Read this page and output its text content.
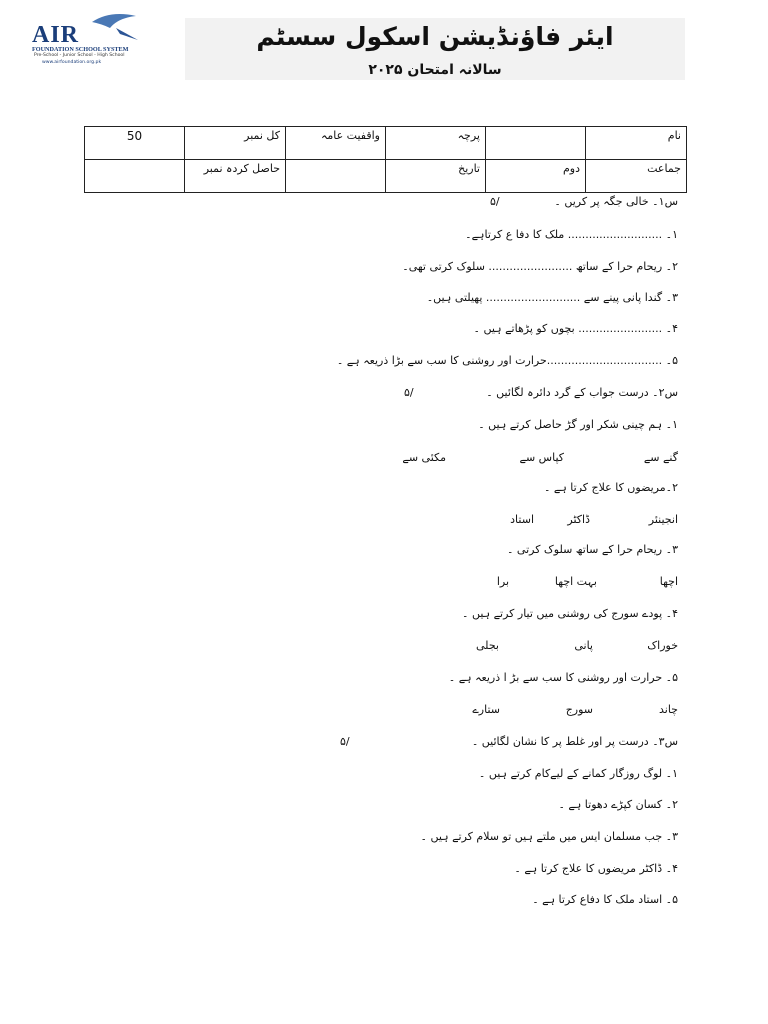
AIR
FOUNDATION SCHOOL SYSTEM
Pre-School - Junior School - High School
www.airfoundation.org.pk
ایئر فاؤنڈیشن اسکول سسٹم
سالانہ امتحان ۲۰۲۵
50	کل نمبر	واقفیت عامہ	پرچہ		نام
	حاصل کردہ نمبر		تاریخ	دوم	جماعت
س۱۔ خالی جگہ پر کریں ۔
/۵
۱۔ ........................... ملک کا دفا ع کرتاہے۔
۲۔ ریحام حرا کے ساتھ ........................ سلوک کرتی تھی۔
۳۔ گندا پانی پینے سے ........................... پھیلتی ہیں۔
۴۔ ........................ بچوں کو پڑھاتے ہیں ۔
۵۔ .................................حرارت اور روشنی کا سب سے بڑا ذریعہ ہے ۔
س۲۔ درست جواب کے گرد دائرہ لگائیں ۔
/۵
۱۔ ہم چینی شکر اور گڑ حاصل کرتے ہیں ۔
گنے سے
کپاس سے
مکئی سے
۲۔مریضوں کا علاج کرتا ہے ۔
انجینئر
ڈاکٹر
استاد
۳۔ ریحام حرا کے ساتھ سلوک کرتی ۔
اچھا
بہت اچھا
برا
۴۔ پودے سورج کی روشنی میں تیار کرتے ہیں ۔
خوراک
پانی
بجلی
۵۔ حرارت اور روشنی کا سب سے بڑ ا ذریعہ ہے ۔
چاند
سورج
ستارے
س۳۔ درست پر اور غلط پر کا نشان لگائیں ۔
/۵
۱۔ لوگ روزگار کمانے کے لیےکام کرتے ہیں ۔
۲۔ کسان کپڑے دھوتا ہے ۔
۳۔ جب مسلمان ایس میں ملتے ہیں تو سلام کرتے ہیں ۔
۴۔ ڈاکٹر مریضوں کا علاج کرتا ہے ۔
۵۔ استاد ملک کا دفاع کرتا ہے ۔
